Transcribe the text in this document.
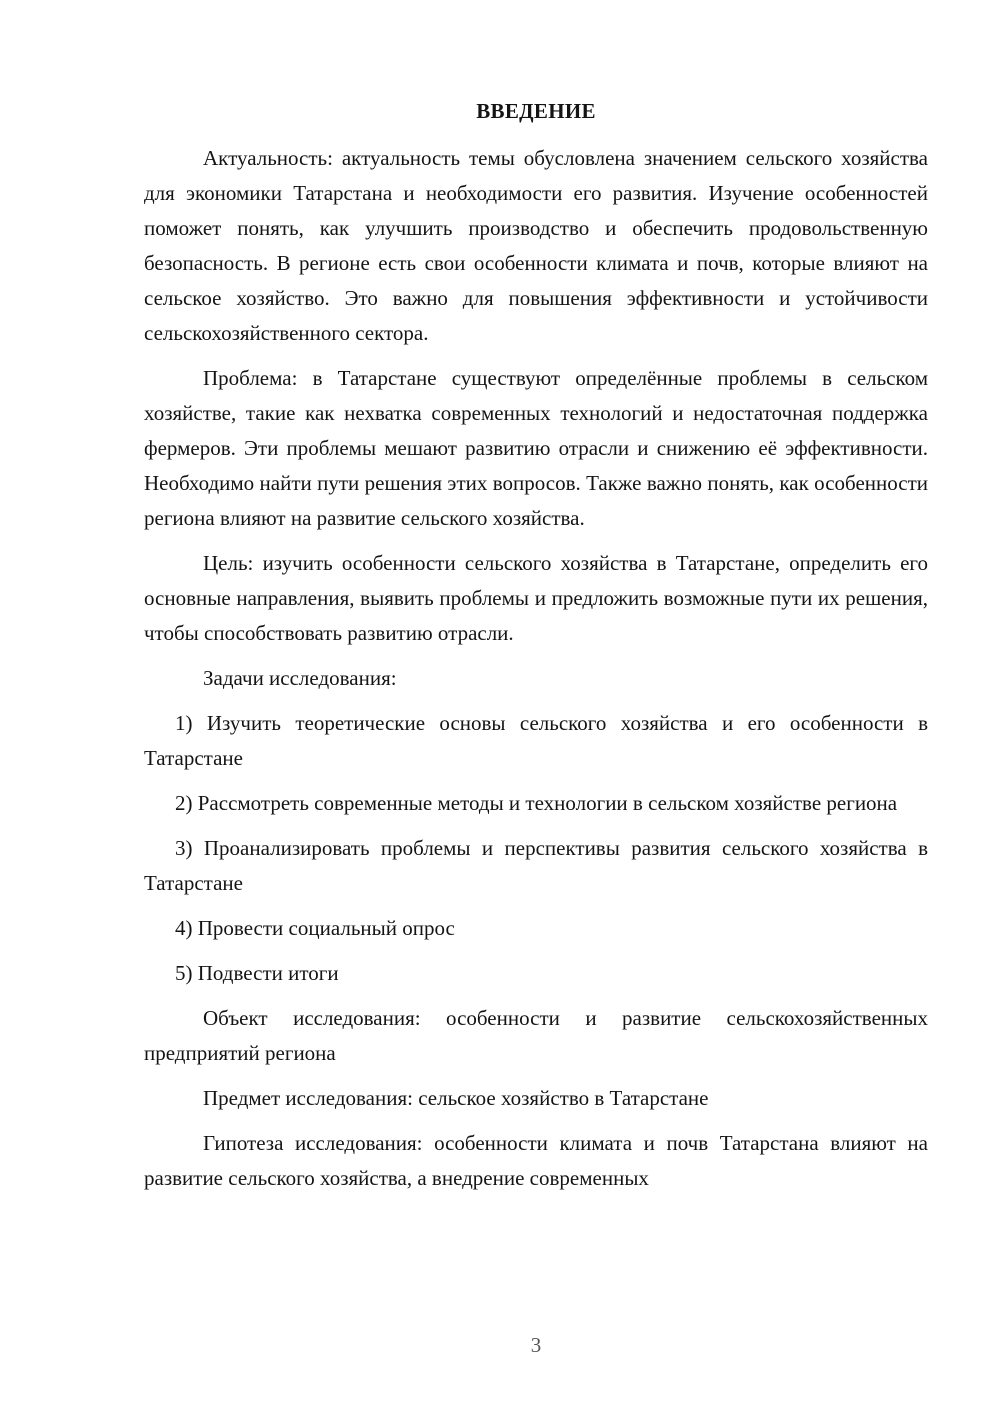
ВВЕДЕНИЕ

Актуальность: актуальность темы обусловлена значением сельского хозяйства для экономики Татарстана и необходимости его развития. Изучение особенностей поможет понять, как улучшить производство и обеспечить продовольственную безопасность. В регионе есть свои особенности климата и почв, которые влияют на сельское хозяйство. Это важно для повышения эффективности и устойчивости сельскохозяйственного сектора.

Проблема: в Татарстане существуют определённые проблемы в сельском хозяйстве, такие как нехватка современных технологий и недостаточная поддержка фермеров. Эти проблемы мешают развитию отрасли и снижению её эффективности. Необходимо найти пути решения этих вопросов. Также важно понять, как особенности региона влияют на развитие сельского хозяйства.

Цель: изучить особенности сельского хозяйства в Татарстане, определить его основные направления, выявить проблемы и предложить возможные пути их решения, чтобы способствовать развитию отрасли.

Задачи исследования:

1) Изучить теоретические основы сельского хозяйства и его особенности в Татарстане

2) Рассмотреть современные методы и технологии в сельском хозяйстве региона

3) Проанализировать проблемы и перспективы развития сельского хозяйства в Татарстане

4) Провести социальный опрос

5) Подвести итоги

Объект исследования: особенности и развитие сельскохозяйственных предприятий региона

Предмет исследования: сельское хозяйство в Татарстане

Гипотеза исследования: особенности климата и почв Татарстана влияют на развитие сельского хозяйства, а внедрение современных

3
